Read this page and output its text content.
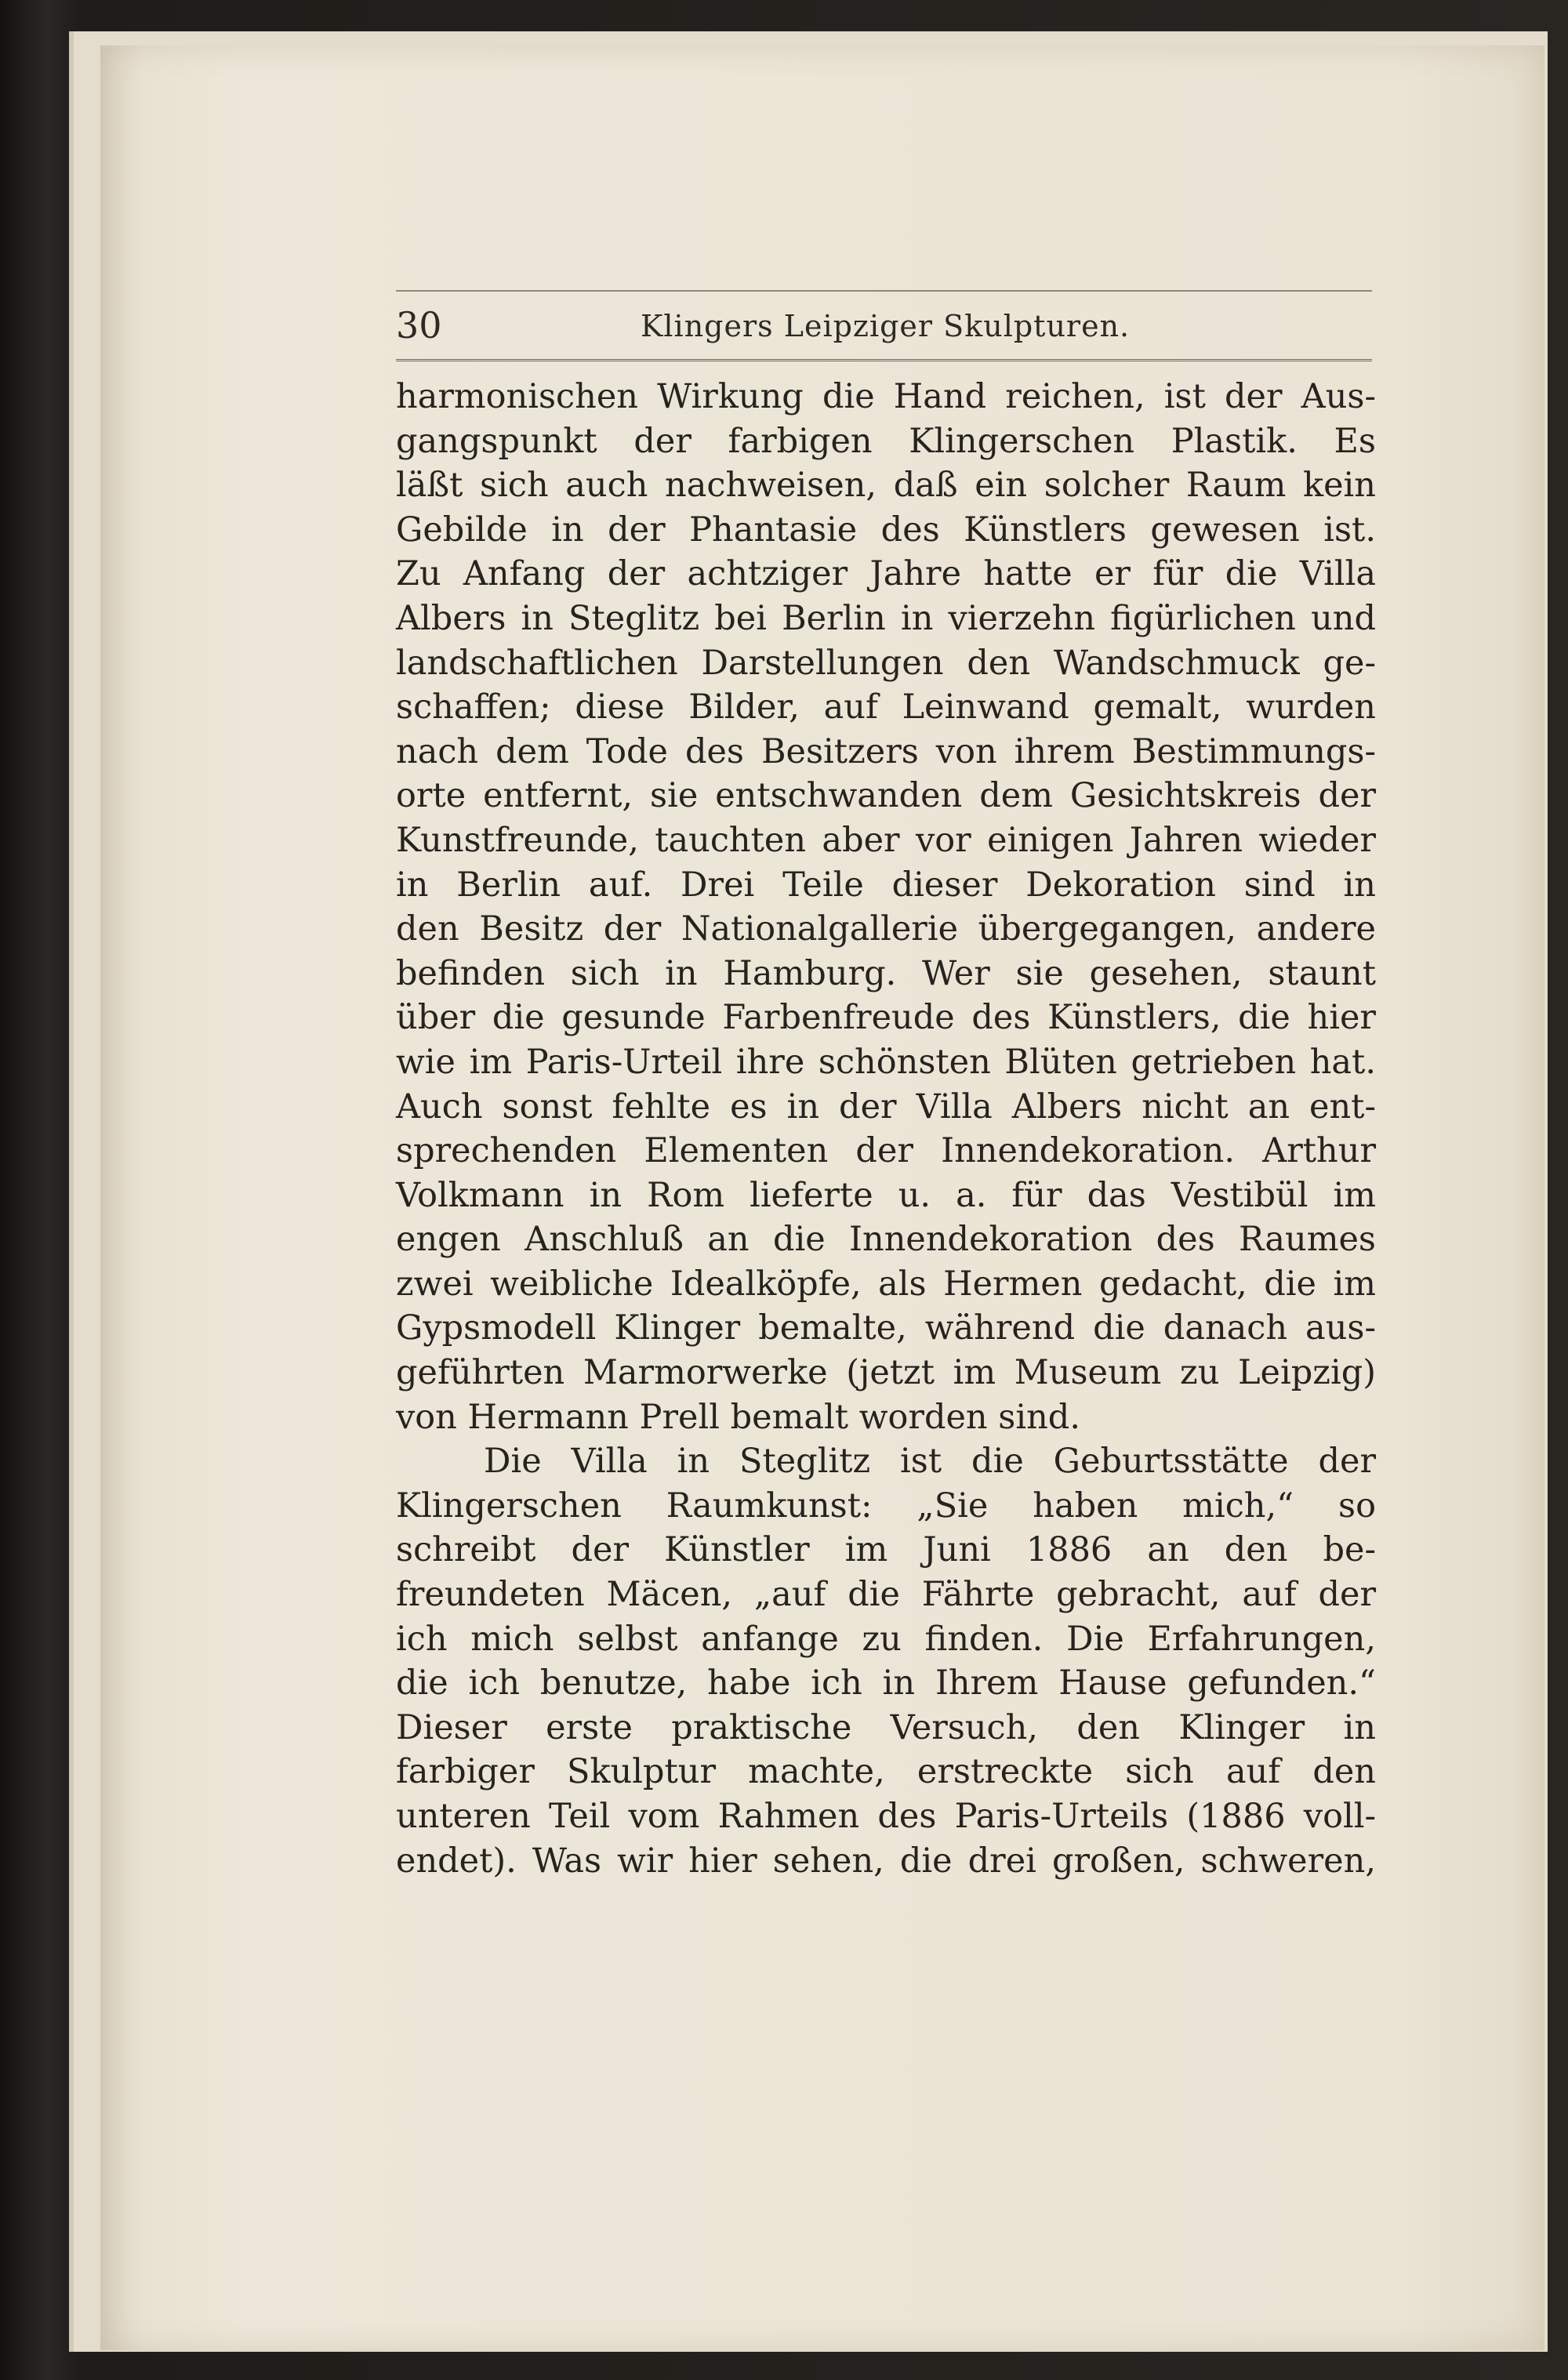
30	Klingers Leipziger Skulpturen.
harmonischen Wirkung die Hand reichen, ist der Aus-
gangspunkt der farbigen Klingerschen Plastik. Es
läßt sich auch nachweisen, daß ein solcher Raum kein
Gebilde in der Phantasie des Künstlers gewesen ist.
Zu Anfang der achtziger Jahre hatte er für die Villa
Albers in Steglitz bei Berlin in vierzehn figürlichen und
landschaftlichen Darstellungen den Wandschmuck ge-
schaffen; diese Bilder, auf Leinwand gemalt, wurden
nach dem Tode des Besitzers von ihrem Bestimmungs-
orte entfernt, sie entschwanden dem Gesichtskreis der
Kunstfreunde, tauchten aber vor einigen Jahren wieder
in Berlin auf. Drei Teile dieser Dekoration sind in
den Besitz der Nationalgallerie übergegangen, andere
befinden sich in Hamburg. Wer sie gesehen, staunt
über die gesunde Farbenfreude des Künstlers, die hier
wie im Paris-Urteil ihre schönsten Blüten getrieben hat.
Auch sonst fehlte es in der Villa Albers nicht an ent-
sprechenden Elementen der Innendekoration. Arthur
Volkmann in Rom lieferte u. a. für das Vestibül im
engen Anschluß an die Innendekoration des Raumes
zwei weibliche Idealköpfe, als Hermen gedacht, die im
Gypsmodell Klinger bemalte, während die danach aus-
geführten Marmorwerke (jetzt im Museum zu Leipzig)
von Hermann Prell bemalt worden sind.
Die Villa in Steglitz ist die Geburtsstätte der
Klingerschen Raumkunst: „Sie haben mich,“ so
schreibt der Künstler im Juni 1886 an den be-
freundeten Mäcen, „auf die Fährte gebracht, auf der
ich mich selbst anfange zu finden. Die Erfahrungen,
die ich benutze, habe ich in Ihrem Hause gefunden.“
Dieser erste praktische Versuch, den Klinger in
farbiger Skulptur machte, erstreckte sich auf den
unteren Teil vom Rahmen des Paris-Urteils (1886 voll-
endet). Was wir hier sehen, die drei großen, schweren,
